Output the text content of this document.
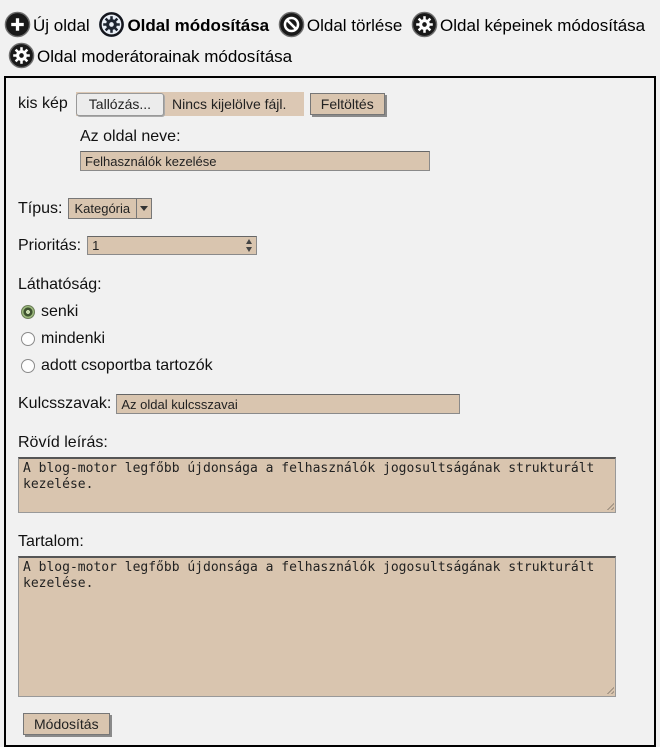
Új oldal Oldal módosítása Oldal törlése Oldal képeinek módosítása Oldal moderátorainak módosítása
kis kép	Tallózás...	Nincs kijelölve fájl.	Feltöltés
Az oldal neve:
Felhasználók kezelése
Típus: Kategória
Prioritás:
1
Láthatóság:
senki
mindenki
adott csoportba tartozók
Kulcsszavak:
Az oldal kulcsszavai
Rövíd leírás:
A blog-motor legfőbb újdonsága a felhasználók jogosultságának strukturált kezelése.
Tartalom:
A blog-motor legfőbb újdonsága a felhasználók jogosultságának strukturált kezelése.
Módosítás
